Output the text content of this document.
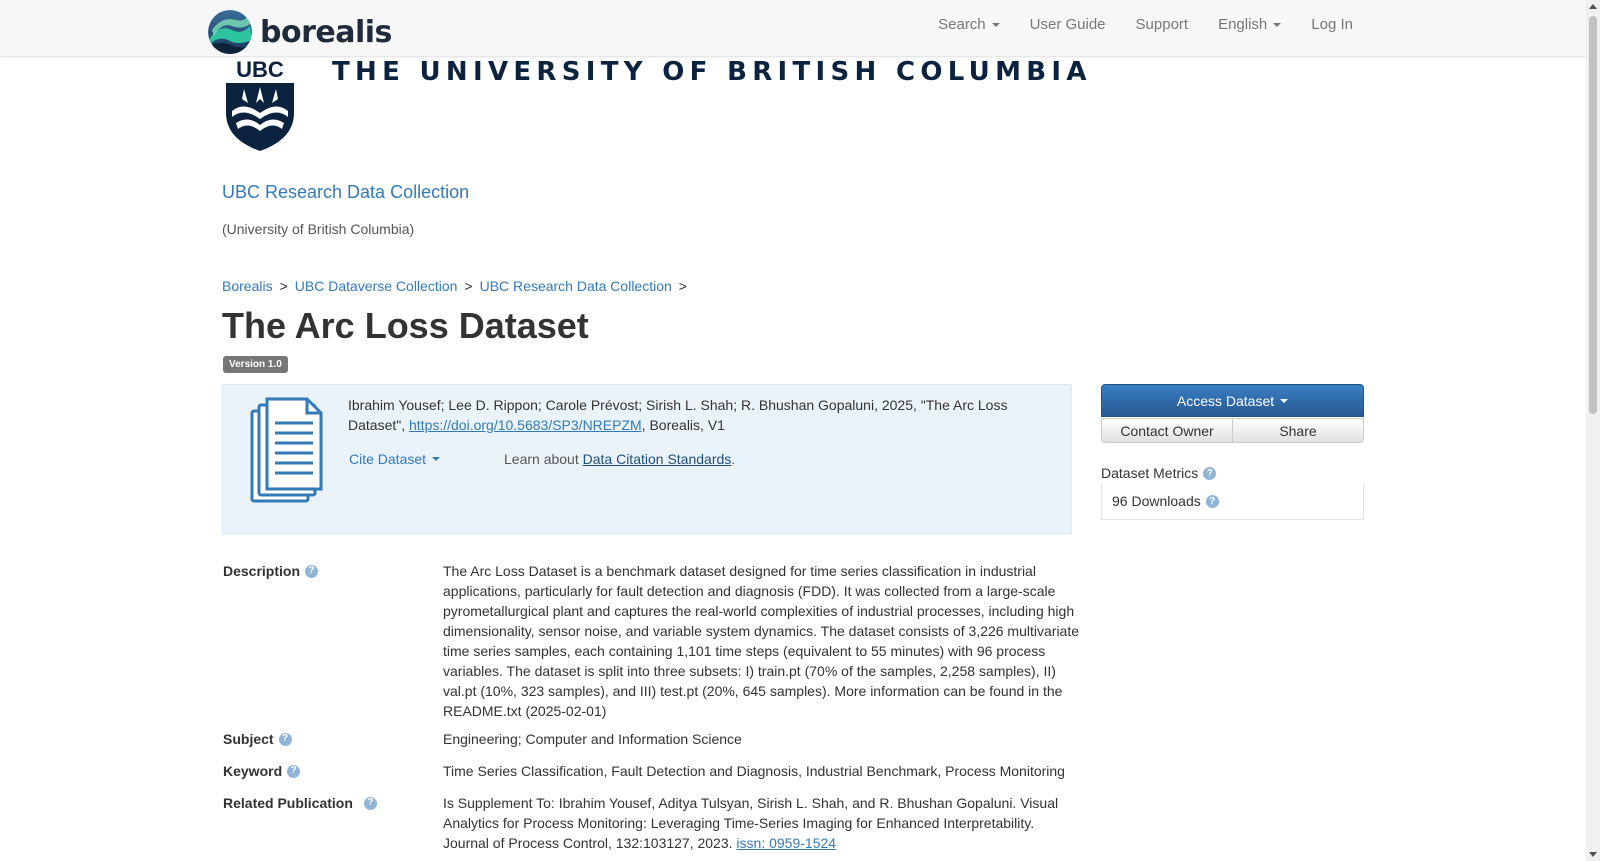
borealis	Search	User Guide Support English	Log In
UBC THE UNIVERSITY OF BRITISH COLUMBIA
UBC Research Data Collection
(University of British Columbia)
Borealis > UBC Dataverse Collection > UBC Research Data Collection >
The Arc Loss Dataset
Version 1.0
Ibrahim Yousef; Lee D. Rippon; Carole Prévost; Sirish L. Shah; R. Bhushan Gopaluni, 2025, "The Arc Loss Dataset", https://doi.org/10.5683/SP3/NREPZM, Borealis, V1
Cite Dataset	Learn about Data Citation Standards.
Access Dataset
Contact Owner	Share
Dataset Metrics ?
96 Downloads ?
Description ?	The Arc Loss Dataset is a benchmark dataset designed for time series classification in industrial applications, particularly for fault detection and diagnosis (FDD). It was collected from a large-scale pyrometallurgical plant and captures the real-world complexities of industrial processes, including high dimensionality, sensor noise, and variable system dynamics. The dataset consists of 3,226 multivariate time series samples, each containing 1,101 time steps (equivalent to 55 minutes) with 96 process variables. The dataset is split into three subsets: I) train.pt (70% of the samples, 2,258 samples), II) val.pt (10%, 323 samples), and III) test.pt (20%, 645 samples). More information can be found in the README.txt (2025-02-01)
Subject ?	Engineering; Computer and Information Science
Keyword ?	Time Series Classification, Fault Detection and Diagnosis, Industrial Benchmark, Process Monitoring
Related Publication	?	Is Supplement To: Ibrahim Yousef, Aditya Tulsyan, Sirish L. Shah, and R. Bhushan Gopaluni. Visual Analytics for Process Monitoring: Leveraging Time-Series Imaging for Enhanced Interpretability. Journal of Process Control, 132:103127, 2023. issn: 0959-1524
